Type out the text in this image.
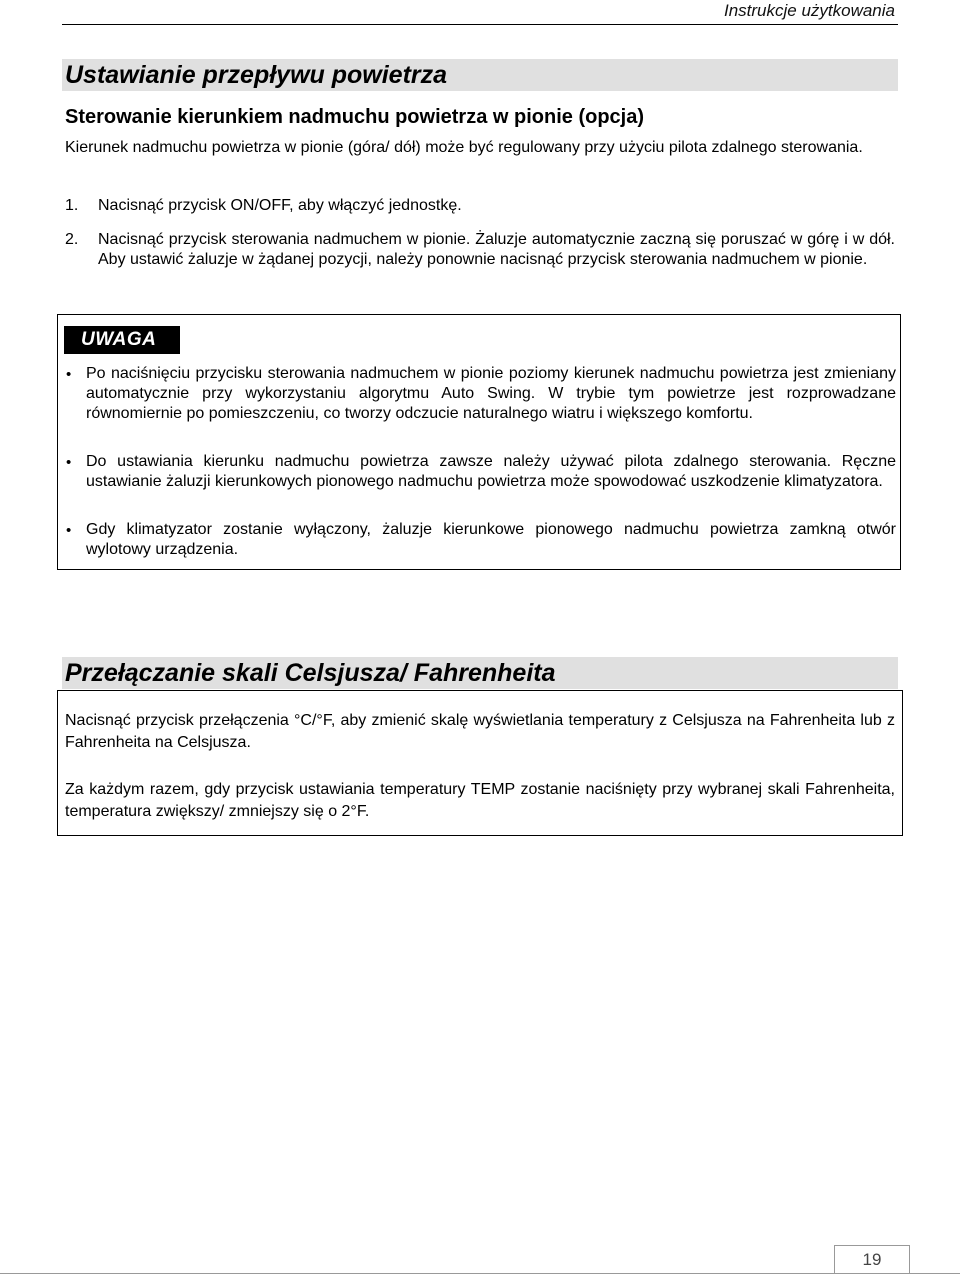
Instrukcje użytkowania
Ustawianie przepływu powietrza
Sterowanie kierunkiem nadmuchu powietrza w pionie (opcja)

Kierunek nadmuchu powietrza w pionie (góra/ dół) może być regulowany przy użyciu pilota zdalnego sterowania.

1. Nacisnąć przycisk ON/OFF, aby włączyć jednostkę.
2. Nacisnąć przycisk sterowania nadmuchem w pionie. Żaluzje automatycznie zaczną się poruszać w górę i w dół. Aby ustawić żaluzje w żądanej pozycji, należy ponownie nacisnąć przycisk sterowania nadmuchem w pionie.
UWAGA
• Po naciśnięciu przycisku sterowania nadmuchem w pionie poziomy kierunek nadmuchu powietrza jest zmieniany automatycznie przy wykorzystaniu algorytmu Auto Swing. W trybie tym powietrze jest rozprowadzane równomiernie po pomieszczeniu, co tworzy odczucie naturalnego wiatru i większego komfortu.
• Do ustawiania kierunku nadmuchu powietrza zawsze należy używać pilota zdalnego sterowania. Ręczne ustawianie żaluzji kierunkowych pionowego nadmuchu powietrza może spowodować uszkodzenie klimatyzatora.
• Gdy klimatyzator zostanie wyłączony, żaluzje kierunkowe pionowego nadmuchu powietrza zamkną otwór wylotowy urządzenia.
Przełączanie skali Celsjusza/ Fahrenheita

Nacisnąć przycisk przełączenia °C/°F, aby zmienić skalę wyświetlania temperatury z Celsjusza na Fahrenheita lub z Fahrenheita na Celsjusza.

Za każdym razem, gdy przycisk ustawiania temperatury TEMP zostanie naciśnięty przy wybranej skali Fahrenheita, temperatura zwiększy/ zmniejszy się o 2°F.

19
